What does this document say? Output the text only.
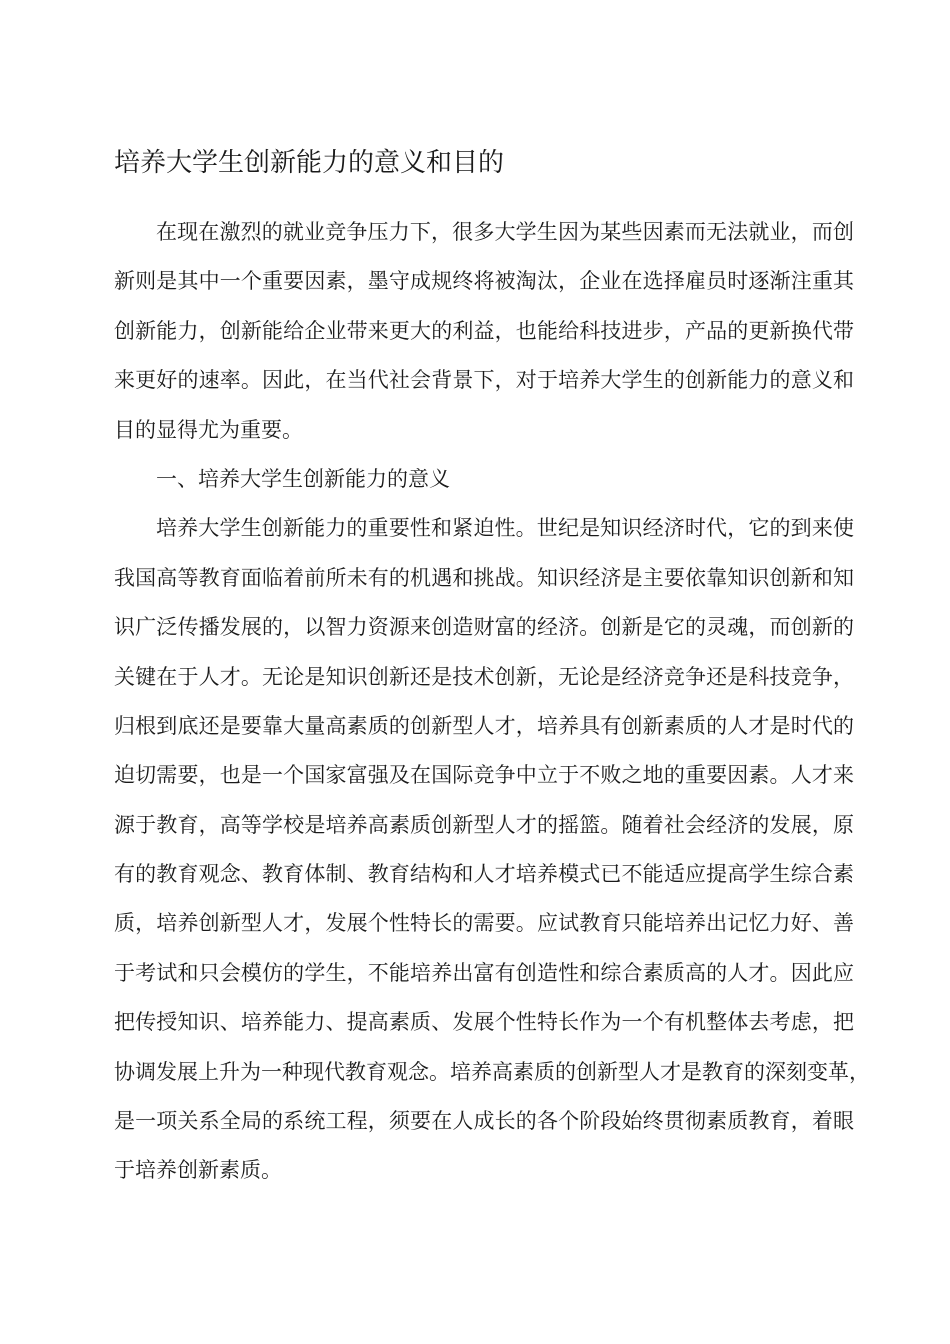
培养大学生创新能力的意义和目的
在现在激烈的就业竞争压力下，很多大学生因为某些因素而无法就业，而创
新则是其中一个重要因素，墨守成规终将被淘汰，企业在选择雇员时逐渐注重其
创新能力，创新能给企业带来更大的利益，也能给科技进步，产品的更新换代带
来更好的速率。因此，在当代社会背景下，对于培养大学生的创新能力的意义和
目的显得尤为重要。
一、培养大学生创新能力的意义
培养大学生创新能力的重要性和紧迫性。世纪是知识经济时代，它的到来使
我国高等教育面临着前所未有的机遇和挑战。知识经济是主要依靠知识创新和知
识广泛传播发展的，以智力资源来创造财富的经济。创新是它的灵魂，而创新的
关键在于人才。无论是知识创新还是技术创新，无论是经济竞争还是科技竞争，
归根到底还是要靠大量高素质的创新型人才，培养具有创新素质的人才是时代的
迫切需要，也是一个国家富强及在国际竞争中立于不败之地的重要因素。人才来
源于教育，高等学校是培养高素质创新型人才的摇篮。随着社会经济的发展，原
有的教育观念、教育体制、教育结构和人才培养模式已不能适应提高学生综合素
质，培养创新型人才，发展个性特长的需要。应试教育只能培养出记忆力好、善
于考试和只会模仿的学生，不能培养出富有创造性和综合素质高的人才。因此应
把传授知识、培养能力、提高素质、发展个性特长作为一个有机整体去考虑，把
协调发展上升为一种现代教育观念。培养高素质的创新型人才是教育的深刻变革，
是一项关系全局的系统工程，须要在人成长的各个阶段始终贯彻素质教育，着眼
于培养创新素质。
